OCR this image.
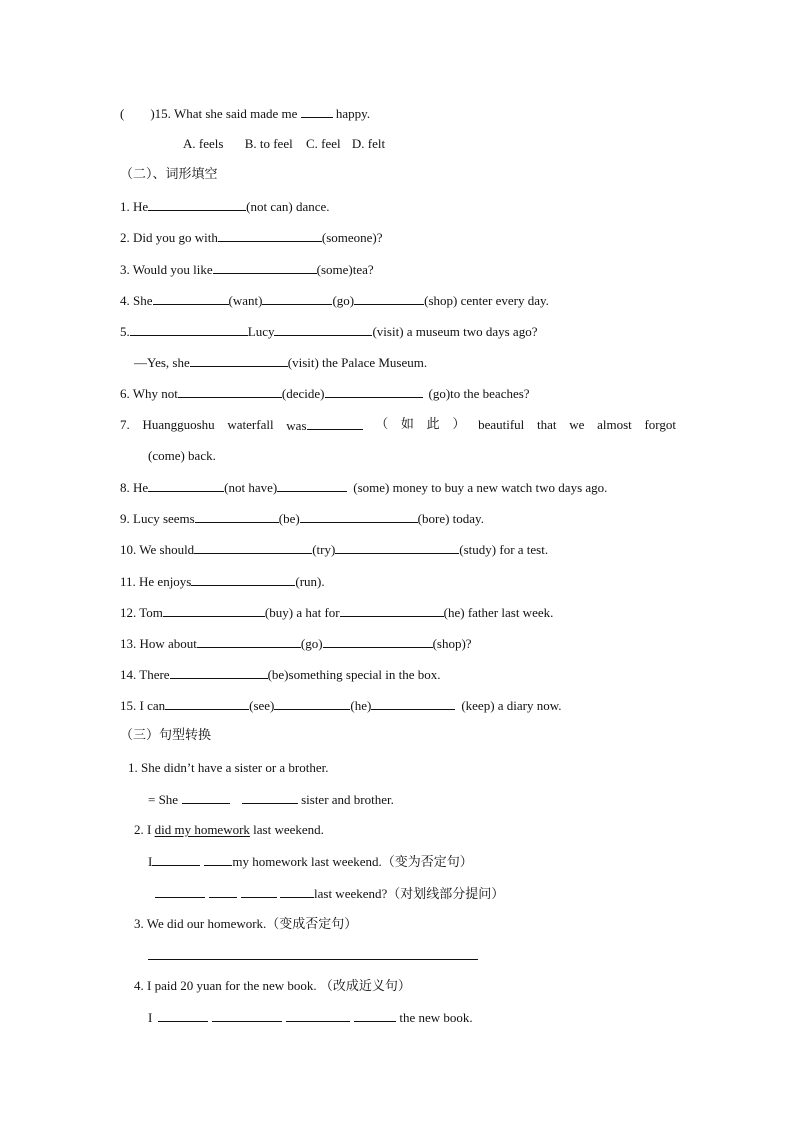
( )15. What she said made me	happy.
A. feels B. to feel C. feel D. felt
（二）、词形填空
1. He	(not can) dance.
2. Did you go with	(someone)?
3. Would you like	(some)tea?
4. She	(want)	(go)	(shop) center every day.
5.	Lucy	(visit) a museum two days ago?
—Yes, she	(visit) the Palace Museum.
6. Why not	(decide)	(go)to the beaches?
7. Huangguoshu waterfall was	（ 如 此 ） beautiful that we almost forgot
(come) back.
8. He	(not have)	(some) money to buy a new watch two days ago.
9. Lucy seems	(be)	(bore) today.
10. We should	(try)	(study) for a test.
11. He enjoys	(run).
12. Tom	(buy) a hat for	(he) father last week.
13. How about	(go)	(shop)?
14. There	(be)something special in the box.
15. I can	(see)	(he)	(keep) a diary now.
（三）句型转换
1. She didn’t have a sister or a brother.
= She	sister and brother.
2. I did my homework last weekend.
I	my homework last weekend.（变为否定句）
last weekend?（对划线部分提问）
3. We did our homework.（变成否定句）
4. I paid 20 yuan for the new book. （改成近义句）
I	the new book.
